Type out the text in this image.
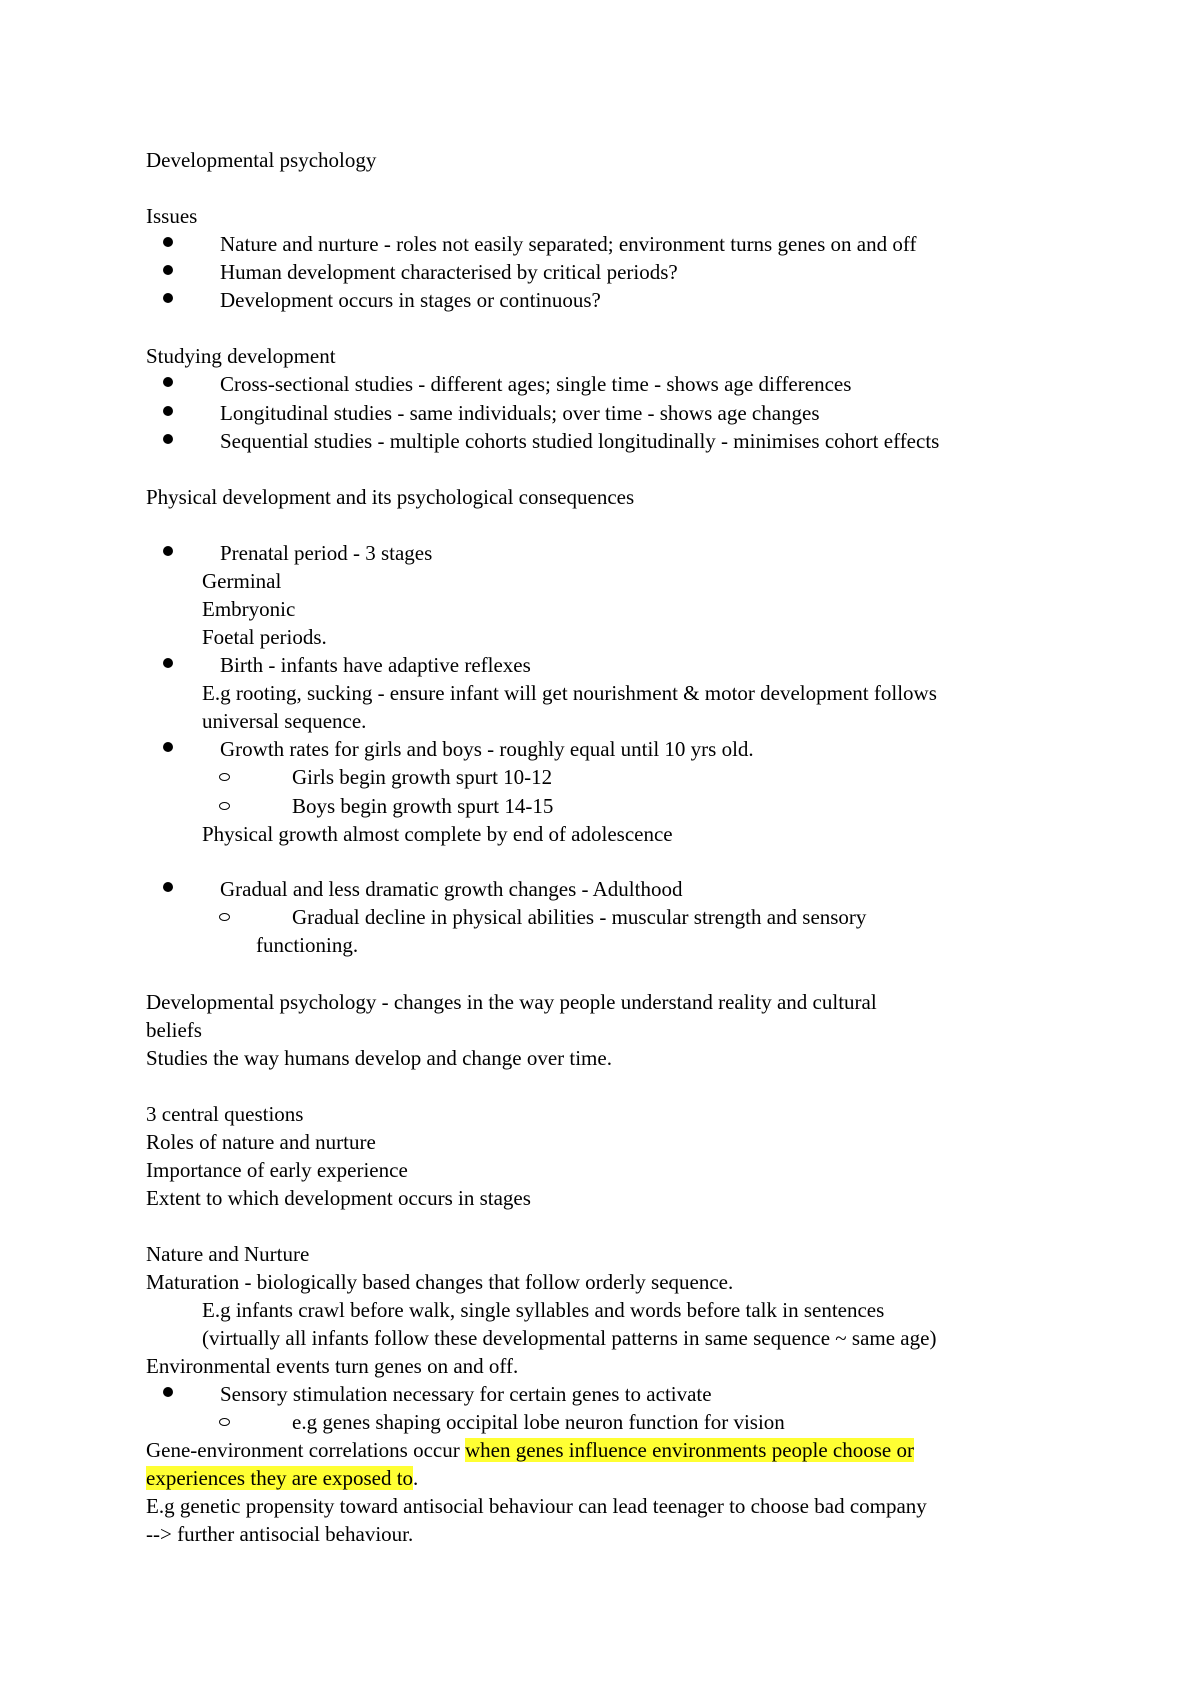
Developmental psychology
Issues
Nature and nurture - roles not easily separated; environment turns genes on and off
Human development characterised by critical periods?
Development occurs in stages or continuous?
Studying development
Cross-sectional studies - different ages; single time - shows age differences
Longitudinal studies - same individuals; over time - shows age changes
Sequential studies - multiple cohorts studied longitudinally - minimises cohort effects
Physical development and its psychological consequences
Prenatal period - 3 stages
Germinal
Embryonic
Foetal periods.
Birth - infants have adaptive reflexes
E.g rooting, sucking - ensure infant will get nourishment & motor development follows
universal sequence.
Growth rates for girls and boys - roughly equal until 10 yrs old.
Girls begin growth spurt 10-12
Boys begin growth spurt 14-15
Physical growth almost complete by end of adolescence
Gradual and less dramatic growth changes - Adulthood
Gradual decline in physical abilities - muscular strength and sensory
functioning.
Developmental psychology - changes in the way people understand reality and cultural
beliefs
Studies the way humans develop and change over time.
3 central questions
Roles of nature and nurture
Importance of early experience
Extent to which development occurs in stages
Nature and Nurture
Maturation - biologically based changes that follow orderly sequence.
E.g infants crawl before walk, single syllables and words before talk in sentences
(virtually all infants follow these developmental patterns in same sequence ~ same age)
Environmental events turn genes on and off.
Sensory stimulation necessary for certain genes to activate
e.g genes shaping occipital lobe neuron function for vision
Gene-environment correlations occur when genes influence environments people choose or
experiences they are exposed to.
E.g genetic propensity toward antisocial behaviour can lead teenager to choose bad company
--> further antisocial behaviour.
